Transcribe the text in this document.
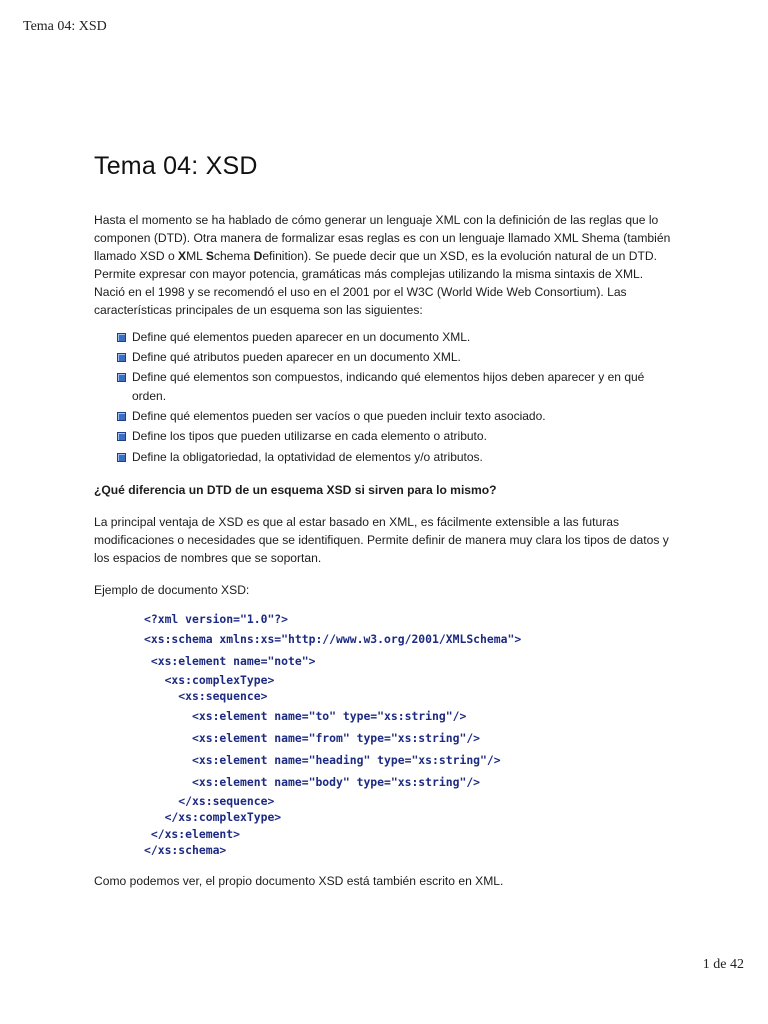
Tema 04: XSD
Tema 04: XSD

Hasta el momento se ha hablado de cómo generar un lenguaje XML con la definición de las reglas que lo componen (DTD). Otra manera de formalizar esas reglas es con un lenguaje llamado XML Shema (también llamado XSD o XML Schema Definition). Se puede decir que un XSD, es la evolución natural de un DTD. Permite expresar con mayor potencia, gramáticas más complejas utilizando la misma sintaxis de XML. Nació en el 1998 y se recomendó el uso en el 2001 por el W3C (World Wide Web Consortium). Las características principales de un esquema son las siguientes:

Define qué elementos pueden aparecer en un documento XML.
Define qué atributos pueden aparecer en un documento XML.
Define qué elementos son compuestos, indicando qué elementos hijos deben aparecer y en qué orden.
Define qué elementos pueden ser vacíos o que pueden incluir texto asociado.
Define los tipos que pueden utilizarse en cada elemento o atributo.
Define la obligatoriedad, la optatividad de elementos y/o atributos.

¿Qué diferencia un DTD de un esquema XSD si sirven para lo mismo?

La principal ventaja de XSD es que al estar basado en XML, es fácilmente extensible a las futuras modificaciones o necesidades que se identifiquen. Permite definir de manera muy clara los tipos de datos y los espacios de nombres que se soportan.

Ejemplo de documento XSD:

<?xml version="1.0"?>
<xs:schema xmlns:xs="http://www.w3.org/2001/XMLSchema">
<xs:element name="note">
<xs:complexType>
<xs:sequence>
<xs:element name="to" type="xs:string"/>
<xs:element name="from" type="xs:string"/>
<xs:element name="heading" type="xs:string"/>
<xs:element name="body" type="xs:string"/>
</xs:sequence>
</xs:complexType>
</xs:element>
</xs:schema>

Como podemos ver, el propio documento XSD está también escrito en XML.

1 de 42
